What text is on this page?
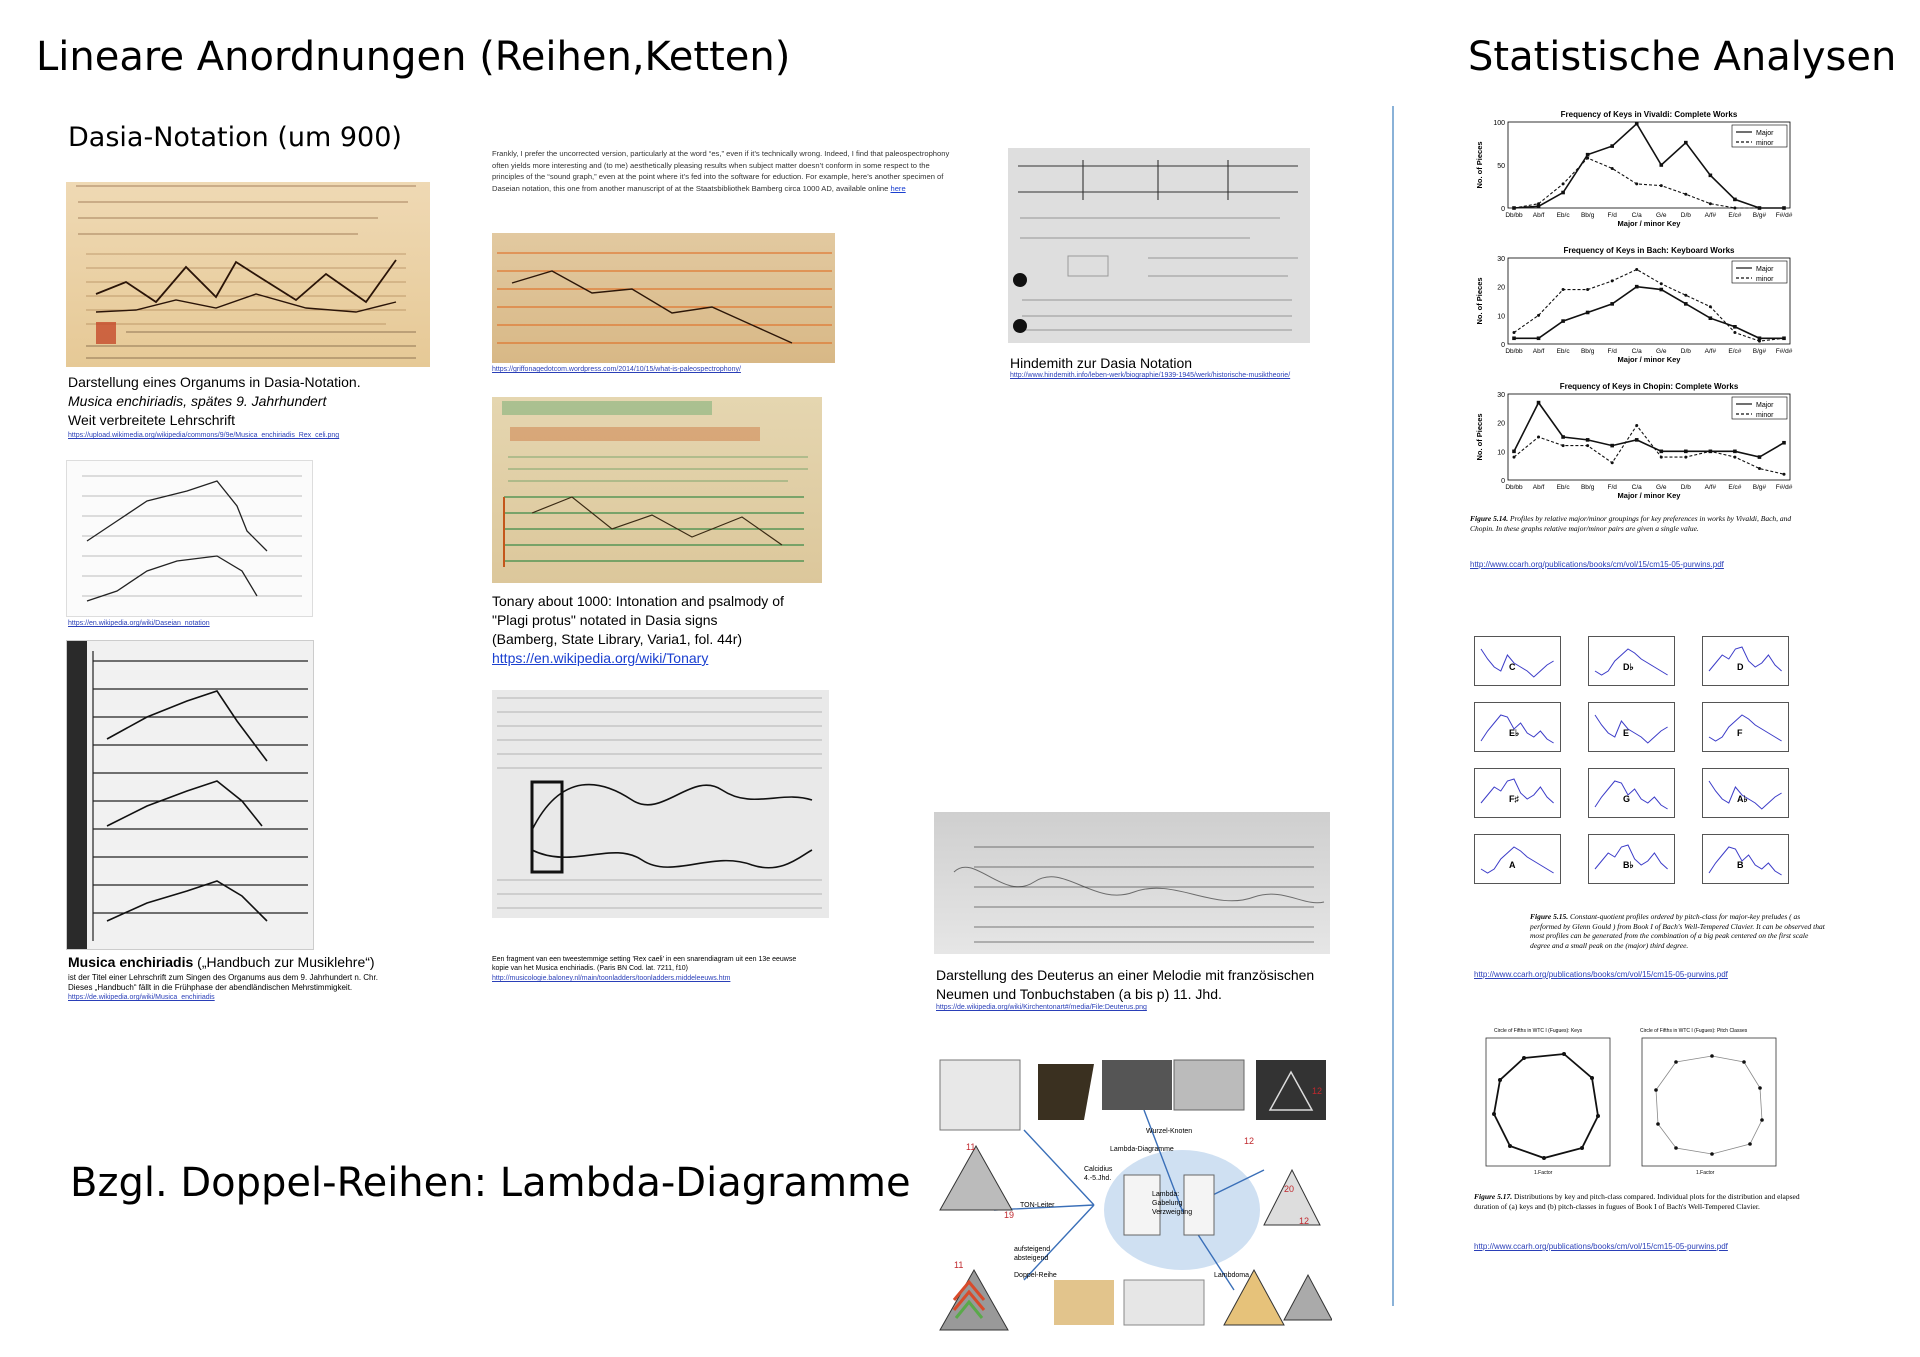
Lineare Anordnungen (Reihen,Ketten)	Statistische Analysen
Dasia-Notation (um 900)
Bzgl. Doppel-Reihen: Lambda-Diagramme
Darstellung eines Organums in Dasia-Notation.
Musica enchiriadis, spätes 9. Jahrhundert
Weit verbreitete Lehrschrift
https://upload.wikimedia.org/wikipedia/commons/9/9e/Musica_enchiriadis_Rex_celi.png
https://en.wikipedia.org/wiki/Daseian_notation
Musica enchiriadis („Handbuch zur Musiklehre“)
ist der Titel einer Lehrschrift zum Singen des Organums aus dem 9. Jahrhundert n. Chr.
Dieses „Handbuch“ fällt in die Frühphase der abendländischen Mehrstimmigkeit.
https://de.wikipedia.org/wiki/Musica_enchiriadis
Frankly, I prefer the uncorrected version, particularly at the word “es,” even if it’s technically wrong. Indeed, I find that paleospectrophony often yields more interesting and (to me) aesthetically pleasing results when subject matter doesn’t conform in some respect to the principles of the “sound graph,” even at the point where it’s fed into the software for eduction. For example, here’s another specimen of Daseian notation, this one from another manuscript of at the Staatsbibliothek Bamberg circa 1000 AD, available online here
https://griffonagedotcom.wordpress.com/2014/10/15/what-is-paleospectrophony/
Tonary about 1000: Intonation and psalmody of
"Plagi protus" notated in Dasia signs
(Bamberg, State Library, Varia1, fol. 44r)
https://en.wikipedia.org/wiki/Tonary
Een fragment van een tweestemmige setting 'Rex caeli' in een snarendiagram uit een 13e eeuwse
kopie van het Musica enchiriadis. (Paris BN Cod. lat. 7211, f10)
http://musicologie.baloney.nl/main/toonladders/toonladders.middeleeuws.htm
Hindemith zur Dasia Notation
http://www.hindemith.info/leben-werk/biographie/1939-1945/werk/historische-musiktheorie/
Darstellung des Deuterus an einer Melodie mit französischen
Neumen und Tonbuchstaben (a bis p) 11. Jhd.
https://de.wikipedia.org/wiki/Kirchentonart#/media/File:Deuterus.png
Wurzel-Knoten
Lambda-Diagramme
Calcidius 4.-5.Jhd.
Lambda: Gabelung Verzweigung
TON-Leiter
aufsteigend absteigend
Doppel-Reihe	Lambdoma
11
19
11
12
20
12
12
Frequency of Keys in Vivaldi: Complete Works
100
50
0
Db/bb Ab/f Eb/c Bb/g F/d C/a G/e D/b A/f# E/c# B/g# F#/d#
Major / minor Key
No. of Pieces
Major
minor
Frequency of Keys in Bach: Keyboard Works
30
20
10
0
Db/bb Ab/f Eb/c Bb/g F/d C/a G/e D/b A/f# E/c# B/g# F#/d#
Major / minor Key
No. of Pieces
Major
minor
Frequency of Keys in Chopin: Complete Works
30
20
10
0
Db/bb Ab/f Eb/c Bb/g F/d C/a G/e D/b A/f# E/c# B/g# F#/d#
Major / minor Key
No. of Pieces
Major
minor
Figure 5.14. Profiles by relative major/minor groupings for key preferences in works by Vivaldi, Bach, and Chopin. In these graphs relative major/minor pairs are given a single value.
http://www.ccarh.org/publications/books/cm/vol/15/cm15-05-purwins.pdf
C	D♭	D
E♭	E	F
F♯	G	A♭
A	B♭	B
Figure 5.15. Constant-quotient profiles ordered by pitch-class for major-key preludes ( as performed by Glenn Gould ) from Book I of Bach's Well-Tempered Clavier. It can be observed that most profiles can be generated from the combination of a big peak centered on the first scale degree and a small peak on the (major) third degree.
http://www.ccarh.org/publications/books/cm/vol/15/cm15-05-purwins.pdf
Circle of Fifths in WTC I (Fugues): Keys
1.Factor
Circle of Fifths in WTC I (Fugues): Pitch Classes
1.Factor
Figure 5.17. Distributions by key and pitch-class compared. Individual plots for the distribution and elapsed duration of (a) keys and (b) pitch-classes in fugues of Book I of Bach's Well-Tempered Clavier.
http://www.ccarh.org/publications/books/cm/vol/15/cm15-05-purwins.pdf
